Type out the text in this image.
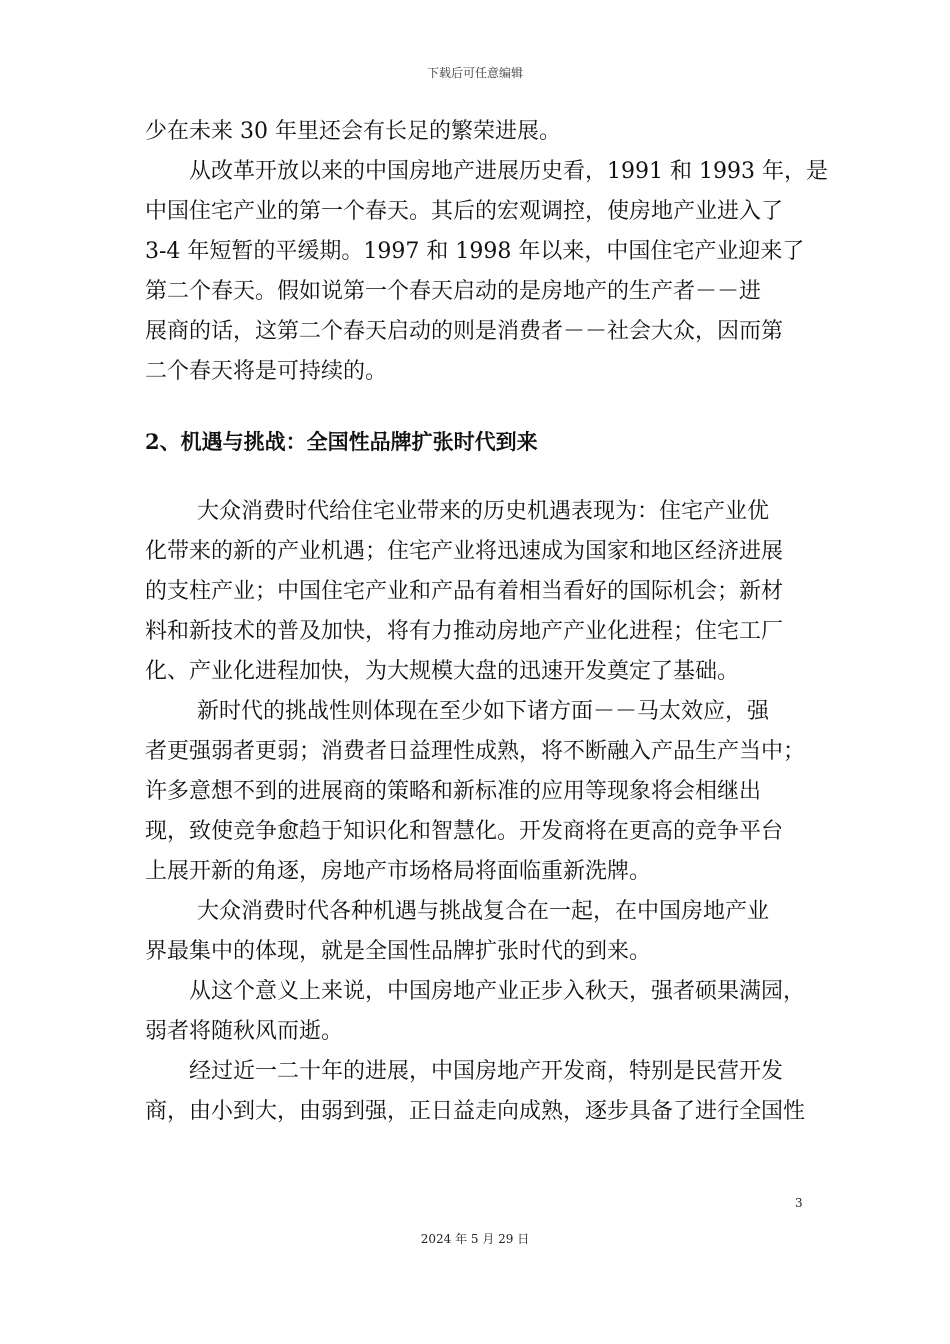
下载后可任意编辑
少在未来 30 年里还会有长足的繁荣进展。
从改革开放以来的中国房地产进展历史看，1991 和 1993 年，是
中国住宅产业的第一个春天。其后的宏观调控，使房地产业进入了
3-4 年短暂的平缓期。1997 和 1998 年以来，中国住宅产业迎来了
第二个春天。假如说第一个春天启动的是房地产的生产者－－进
展商的话，这第二个春天启动的则是消费者－－社会大众，因而第
二个春天将是可持续的。
2、机遇与挑战：全国性品牌扩张时代到来
大众消费时代给住宅业带来的历史机遇表现为：住宅产业优
化带来的新的产业机遇；住宅产业将迅速成为国家和地区经济进展
的支柱产业；中国住宅产业和产品有着相当看好的国际机会；新材
料和新技术的普及加快，将有力推动房地产产业化进程；住宅工厂
化、产业化进程加快，为大规模大盘的迅速开发奠定了基础。
新时代的挑战性则体现在至少如下诸方面－－马太效应，强
者更强弱者更弱；消费者日益理性成熟，将不断融入产品生产当中；
许多意想不到的进展商的策略和新标准的应用等现象将会相继出
现，致使竞争愈趋于知识化和智慧化。开发商将在更高的竞争平台
上展开新的角逐，房地产市场格局将面临重新洗牌。
大众消费时代各种机遇与挑战复合在一起，在中国房地产业
界最集中的体现，就是全国性品牌扩张时代的到来。
从这个意义上来说，中国房地产业正步入秋天，强者硕果满园，
弱者将随秋风而逝。
经过近一二十年的进展，中国房地产开发商，特别是民营开发
商，由小到大，由弱到强，正日益走向成熟，逐步具备了进行全国性
3
2024 年 5 月 29 日
